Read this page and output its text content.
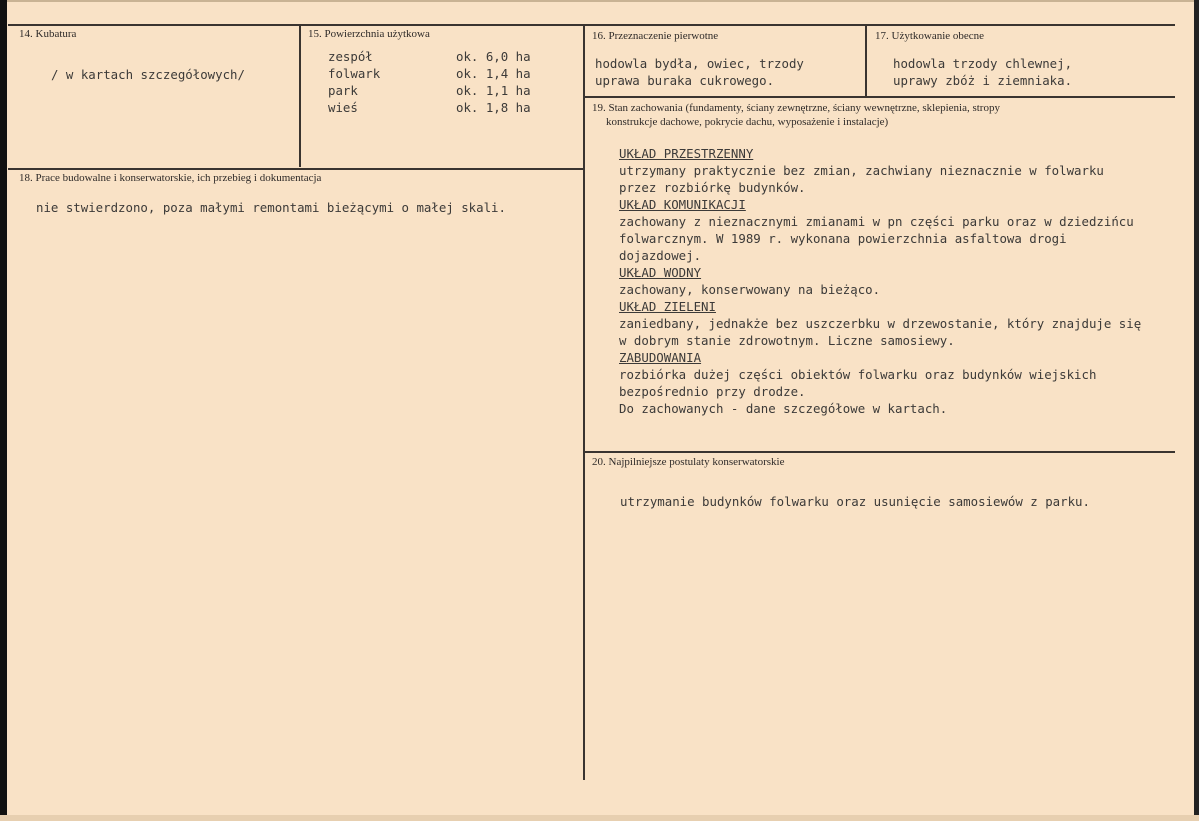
14. Kubatura
/ w kartach szczegółowych/
15. Powierzchnia użytkowa
zespół
folwark
park
wieś
ok. 6,0 ha
ok. 1,4 ha
ok. 1,1 ha
ok. 1,8 ha
16. Przeznaczenie pierwotne
hodowla bydła, owiec, trzody
uprawa buraka cukrowego.
17. Użytkowanie obecne
hodowla trzody chlewnej,
uprawy zbóż i ziemniaka.
18. Prace budowalne i konserwatorskie, ich przebieg i dokumentacja
nie stwierdzono, poza małymi remontami bieżącymi o małej skali.
19. Stan zachowania (fundamenty, ściany zewnętrzne, ściany wewnętrzne, sklepienia, stropy
konstrukcje dachowe, pokrycie dachu, wyposażenie i instalacje)
UKŁAD PRZESTRZENNY
utrzymany praktycznie bez zmian, zachwiany nieznacznie w folwarku
przez rozbiórkę budynków.
UKŁAD KOMUNIKACJI
zachowany z nieznacznymi zmianami w pn części parku oraz w dziedzińcu
folwarcznym. W 1989 r. wykonana powierzchnia asfaltowa drogi
dojazdowej.
UKŁAD WODNY
zachowany, konserwowany na bieżąco.
UKŁAD ZIELENI
zaniedbany, jednakże bez uszczerbku w drzewostanie, który znajduje się
w dobrym stanie zdrowotnym. Liczne samosiewy.
ZABUDOWANIA
rozbiórka dużej części obiektów folwarku oraz budynków wiejskich
bezpośrednio przy drodze.
Do zachowanych - dane szczegółowe w kartach.
20. Najpilniejsze postulaty konserwatorskie
utrzymanie budynków folwarku oraz usunięcie samosiewów z parku.
